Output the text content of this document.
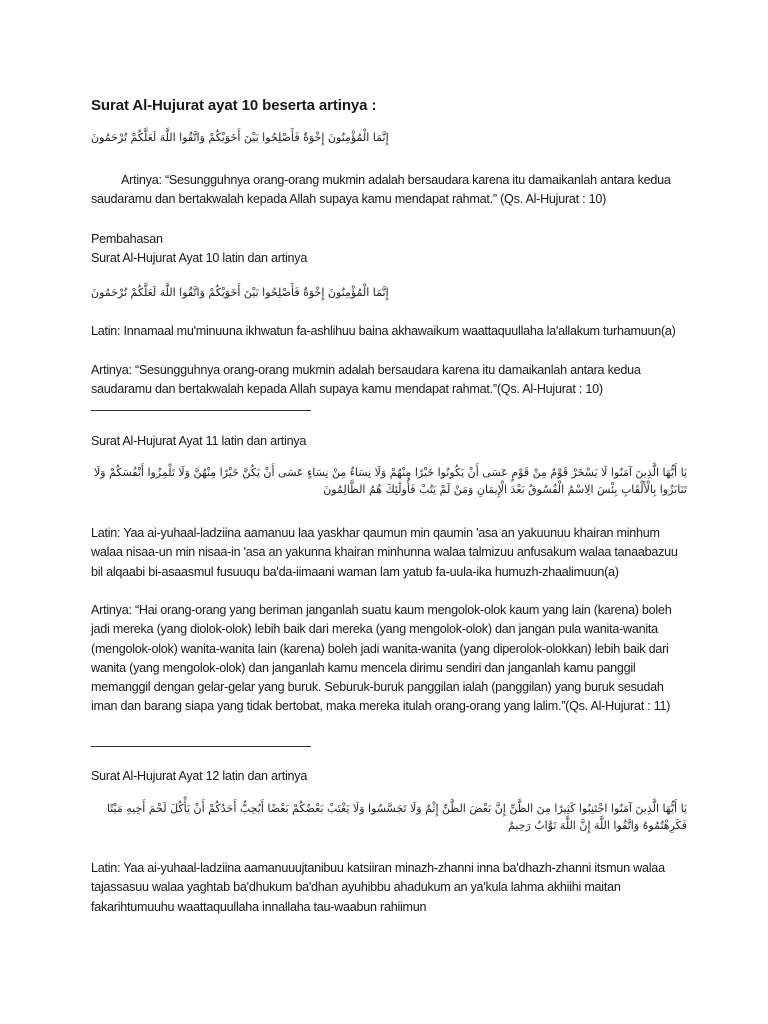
Surat Al-Hujurat ayat 10 beserta artinya :

إِنَّمَا الْمُؤْمِنُونَ إِخْوَةٌ فَأَصْلِحُوا بَيْنَ أَخَوَيْكُمْ وَاتَّقُوا اللَّهَ لَعَلَّكُمْ تُرْحَمُونَ

Artinya: “Sesungguhnya orang-orang mukmin adalah bersaudara karena itu damaikanlah antara kedua saudaramu dan bertakwalah kepada Allah supaya kamu mendapat rahmat.” (Qs. Al-Hujurat : 10)

Pembahasan

Surat Al-Hujurat Ayat 10 latin dan artinya

إِنَّمَا الْمُؤْمِنُونَ إِخْوَةٌ فَأَصْلِحُوا بَيْنَ أَخَوَيْكُمْ وَاتَّقُوا اللَّهَ لَعَلَّكُمْ تُرْحَمُونَ

Latin: Innamaal mu'minuuna ikhwatun fa-ashlihuu baina akhawaikum waattaquullaha la'allakum turhamuun(a)

Artinya: “Sesungguhnya orang-orang mukmin adalah bersaudara karena itu damaikanlah antara kedua saudaramu dan bertakwalah kepada Allah supaya kamu mendapat rahmat.”(Qs. Al-Hujurat : 10)

Surat Al-Hujurat Ayat 11 latin dan artinya

يَا أَيُّهَا الَّذِينَ آمَنُوا لَا يَسْخَرْ قَوْمٌ مِنْ قَوْمٍ عَسَى أَنْ يَكُونُوا خَيْرًا مِنْهُمْ وَلَا نِسَاءٌ مِنْ نِسَاءٍ عَسَى أَنْ يَكُنَّ خَيْرًا مِنْهُنَّ وَلَا تَلْمِزُوا أَنْفُسَكُمْ وَلَا تَنَابَزُوا بِالْأَلْقَابِ بِئْسَ الِاسْمُ الْفُسُوقُ بَعْدَ الْإِيمَانِ وَمَنْ لَمْ يَتُبْ فَأُولَٰئِكَ هُمُ الظَّالِمُونَ

Latin: Yaa ai-yuhaal-ladziina aamanuu laa yaskhar qaumun min qaumin 'asa an yakuunuu khairan minhum walaa nisaa-un min nisaa-in 'asa an yakunna khairan minhunna walaa talmizuu anfusakum walaa tanaabazuu bil alqaabi bi-asaasmul fusuuqu ba'da-iimaani waman lam yatub fa-uula-ika humuzh-zhaalimuun(a)

Artinya: “Hai orang-orang yang beriman janganlah suatu kaum mengolok-olok kaum yang lain (karena) boleh jadi mereka (yang diolok-olok) lebih baik dari mereka (yang mengolok-olok) dan jangan pula wanita-wanita (mengolok-olok) wanita-wanita lain (karena) boleh jadi wanita-wanita (yang diperolok-olokkan) lebih baik dari wanita (yang mengolok-olok) dan janganlah kamu mencela dirimu sendiri dan janganlah kamu panggil memanggil dengan gelar-gelar yang buruk. Seburuk-buruk panggilan ialah (panggilan) yang buruk sesudah iman dan barang siapa yang tidak bertobat, maka mereka itulah orang-orang yang lalim.”(Qs. Al-Hujurat : 11)

Surat Al-Hujurat Ayat 12 latin dan artinya

يَا أَيُّهَا الَّذِينَ آمَنُوا اجْتَنِبُوا كَثِيرًا مِنَ الظَّنِّ إِنَّ بَعْضَ الظَّنِّ إِثْمٌ وَلَا تَجَسَّسُوا وَلَا يَغْتَبْ بَعْضُكُمْ بَعْضًا أَيُحِبُّ أَحَدُكُمْ أَنْ يَأْكُلَ لَحْمَ أَخِيهِ مَيْتًا فَكَرِهْتُمُوهُ وَاتَّقُوا اللَّهَ إِنَّ اللَّهَ تَوَّابٌ رَحِيمٌ

Latin: Yaa ai-yuhaal-ladziina aamanuuujtanibuu katsiiran minazh-zhanni inna ba'dhazh-zhanni itsmun walaa tajassasuu walaa yaghtab ba'dhukum ba'dhan ayuhibbu ahadukum an ya'kula lahma akhiihi maitan fakarihtumuuhu waattaquullaha innallaha tau-waabun rahiimun
